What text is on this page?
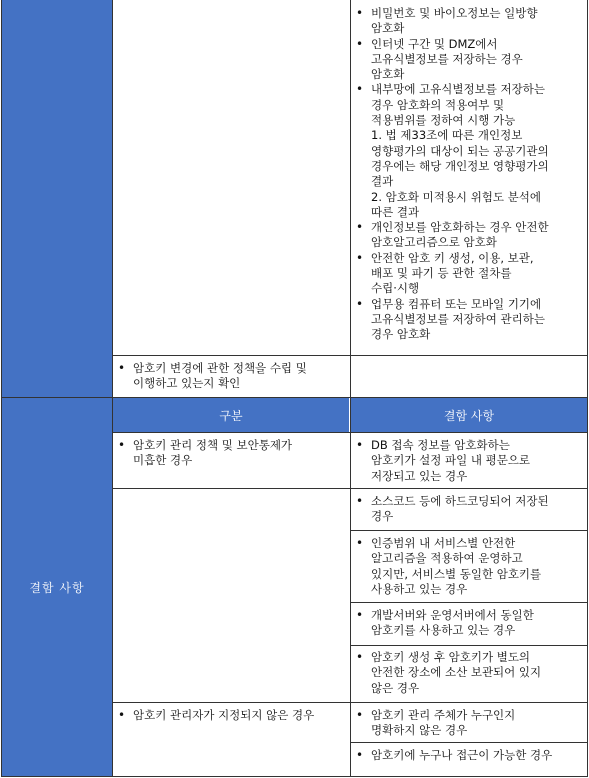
결함 사항
구분	결함 사항
• 비밀번호 및 바이오정보는 일방향
암호화
• 인터넷 구간 및 DMZ에서
고유식별정보를 저장하는 경우
암호화
• 내부망에 고유식별정보를 저장하는
경우 암호화의 적용여부 및
적용범위를 정하여 시행 가능
1. 법 제33조에 따른 개인정보
영향평가의 대상이 되는 공공기관의
경우에는 해당 개인정보 영향평가의
결과
2. 암호화 미적용시 위험도 분석에
따른 결과
• 개인정보를 암호화하는 경우 안전한
암호알고리즘으로 암호화
• 안전한 암호 키 생성, 이용, 보관,
배포 및 파기 등 관한 절차를
수립·시행
• 업무용 컴퓨터 또는 모바일 기기에
고유식별정보를 저장하여 관리하는
경우 암호화
• 암호키 변경에 관한 정책을 수립 및
이행하고 있는지 확인
• 암호키 관리 정책 및 보안통제가
미흡한 경우
• 암호키 관리자가 지정되지 않은 경우
• DB 접속 정보를 암호화하는
암호키가 설정 파일 내 평문으로
저장되고 있는 경우
• 소스코드 등에 하드코딩되어 저장된
경우
• 인증범위 내 서비스별 안전한
알고리즘을 적용하여 운영하고
있지만, 서비스별 동일한 암호키를
사용하고 있는 경우
• 개발서버와 운영서버에서 동일한
암호키를 사용하고 있는 경우
• 암호키 생성 후 암호키가 별도의
안전한 장소에 소산 보관되어 있지
않은 경우
• 암호키 관리 주체가 누구인지
명확하지 않은 경우
• 암호키에 누구나 접근이 가능한 경우
